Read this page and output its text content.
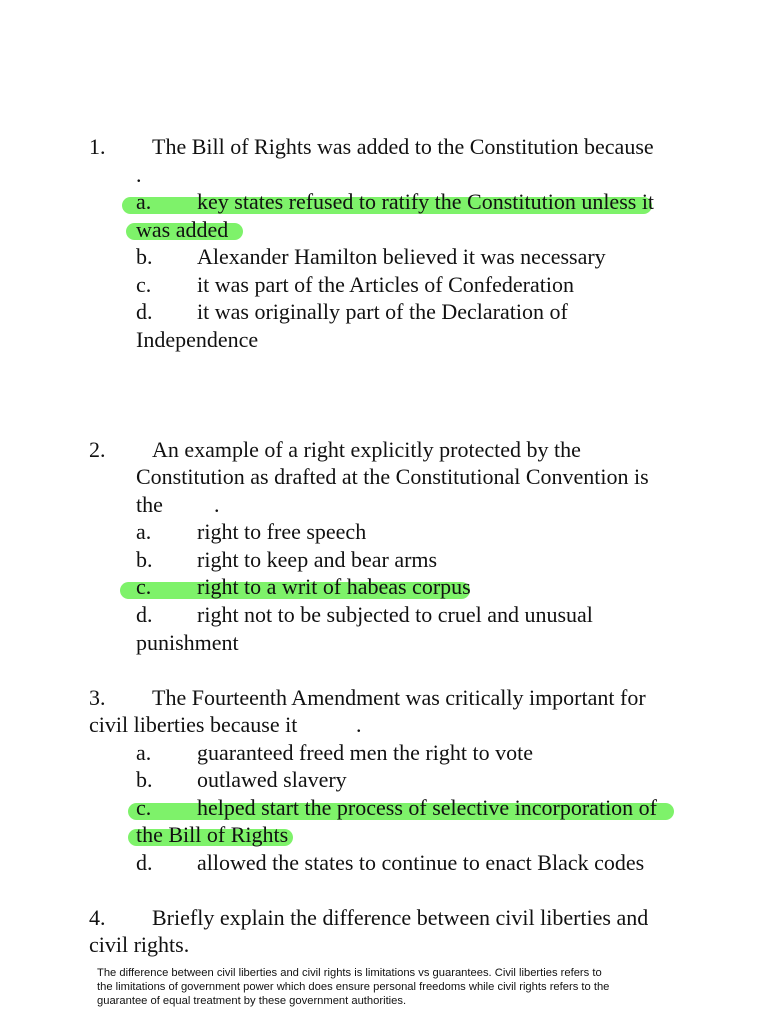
1. The Bill of Rights was added to the Constitution because
.
a. key states refused to ratify the Constitution unless it
was added
b. Alexander Hamilton believed it was necessary
c. it was part of the Articles of Confederation
d. it was originally part of the Declaration of
Independence
2. An example of a right explicitly protected by the
Constitution as drafted at the Constitutional Convention is
the .
a. right to free speech
b. right to keep and bear arms
c. right to a writ of habeas corpus
d. right not to be subjected to cruel and unusual
punishment
3. The Fourteenth Amendment was critically important for
civil liberties because it	.
a. guaranteed freed men the right to vote
b. outlawed slavery
c. helped start the process of selective incorporation of
the Bill of Rights
d. allowed the states to continue to enact Black codes
4. Briefly explain the difference between civil liberties and
civil rights.
The difference between civil liberties and civil rights is limitations vs guarantees. Civil liberties refers to the limitations of government power which does ensure personal freedoms while civil rights refers to the guarantee of equal treatment by these government authorities.
